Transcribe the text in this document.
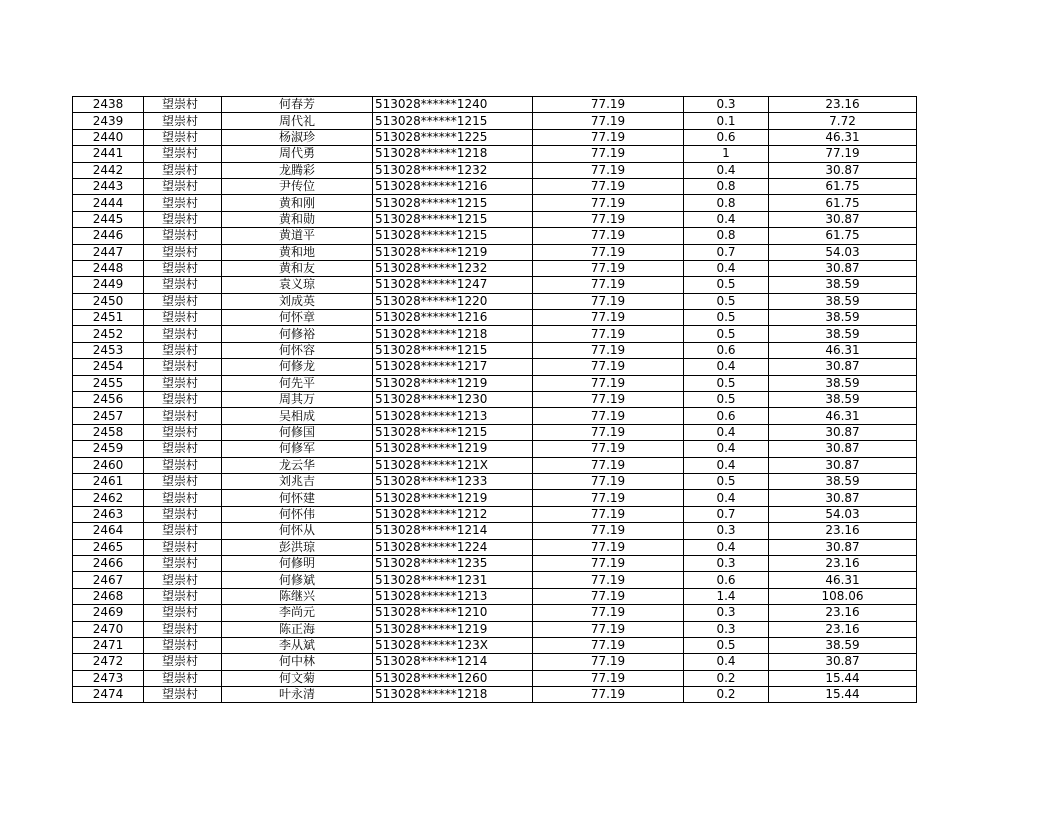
2438	望崇村	何春芳	513028******1240	77.19	0.3	23.16
2439	望崇村	周代礼	513028******1215	77.19	0.1	7.72
2440	望崇村	杨淑珍	513028******1225	77.19	0.6	46.31
2441	望崇村	周代勇	513028******1218	77.19	1	77.19
2442	望崇村	龙腾彩	513028******1232	77.19	0.4	30.87
2443	望崇村	尹传位	513028******1216	77.19	0.8	61.75
2444	望崇村	黄和刚	513028******1215	77.19	0.8	61.75
2445	望崇村	黄和勋	513028******1215	77.19	0.4	30.87
2446	望崇村	黄道平	513028******1215	77.19	0.8	61.75
2447	望崇村	黄和地	513028******1219	77.19	0.7	54.03
2448	望崇村	黄和友	513028******1232	77.19	0.4	30.87
2449	望崇村	袁义琼	513028******1247	77.19	0.5	38.59
2450	望崇村	刘成英	513028******1220	77.19	0.5	38.59
2451	望崇村	何怀章	513028******1216	77.19	0.5	38.59
2452	望崇村	何修裕	513028******1218	77.19	0.5	38.59
2453	望崇村	何怀容	513028******1215	77.19	0.6	46.31
2454	望崇村	何修龙	513028******1217	77.19	0.4	30.87
2455	望崇村	何先平	513028******1219	77.19	0.5	38.59
2456	望崇村	周其万	513028******1230	77.19	0.5	38.59
2457	望崇村	吴相成	513028******1213	77.19	0.6	46.31
2458	望崇村	何修国	513028******1215	77.19	0.4	30.87
2459	望崇村	何修军	513028******1219	77.19	0.4	30.87
2460	望崇村	龙云华	513028******121X	77.19	0.4	30.87
2461	望崇村	刘兆吉	513028******1233	77.19	0.5	38.59
2462	望崇村	何怀建	513028******1219	77.19	0.4	30.87
2463	望崇村	何怀伟	513028******1212	77.19	0.7	54.03
2464	望崇村	何怀从	513028******1214	77.19	0.3	23.16
2465	望崇村	彭洪琼	513028******1224	77.19	0.4	30.87
2466	望崇村	何修明	513028******1235	77.19	0.3	23.16
2467	望崇村	何修斌	513028******1231	77.19	0.6	46.31
2468	望崇村	陈继兴	513028******1213	77.19	1.4	108.06
2469	望崇村	李尚元	513028******1210	77.19	0.3	23.16
2470	望崇村	陈正海	513028******1219	77.19	0.3	23.16
2471	望崇村	李从斌	513028******123X	77.19	0.5	38.59
2472	望崇村	何中林	513028******1214	77.19	0.4	30.87
2473	望崇村	何文菊	513028******1260	77.19	0.2	15.44
2474	望崇村	叶永清	513028******1218	77.19	0.2	15.44
